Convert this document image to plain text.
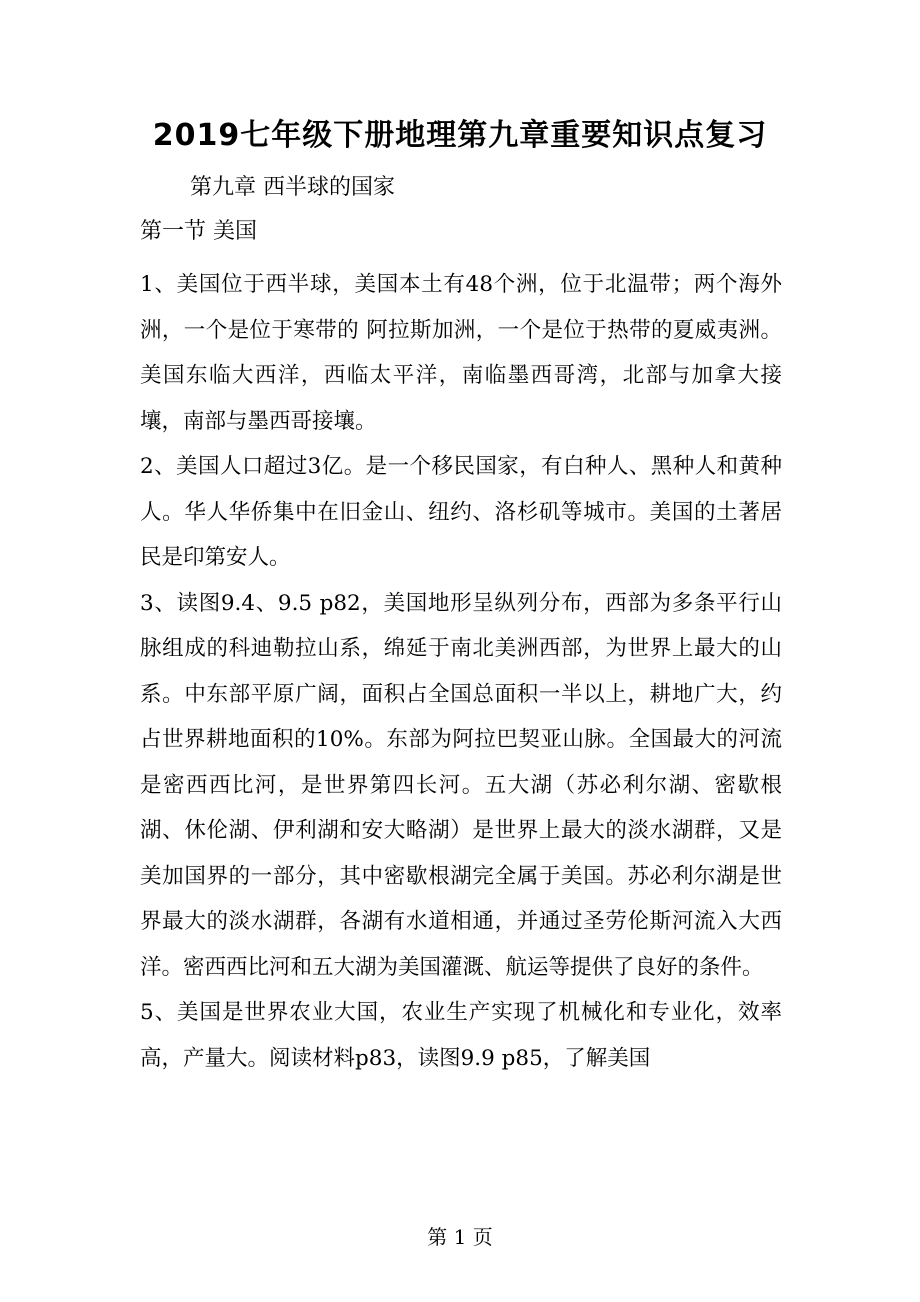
2019七年级下册地理第九章重要知识点复习

第九章 西半球的国家

第一节 美国

1、美国位于西半球，美国本土有48个洲，位于北温带；两个海外洲，一个是位于寒带的 阿拉斯加洲，一个是位于热带的夏威夷洲。美国东临大西洋，西临太平洋，南临墨西哥湾，北部与加拿大接壤，南部与墨西哥接壤。

2、美国人口超过3亿。是一个移民国家，有白种人、黑种人和黄种人。华人华侨集中在旧金山、纽约、洛杉矶等城市。美国的土著居民是印第安人。

3、读图9.4、9.5 p82，美国地形呈纵列分布，西部为多条平行山脉组成的科迪勒拉山系，绵延于南北美洲西部，为世界上最大的山系。中东部平原广阔，面积占全国总面积一半以上，耕地广大，约占世界耕地面积的10%。东部为阿拉巴契亚山脉。全国最大的河流是密西西比河，是世界第四长河。五大湖（苏必利尔湖、密歇根湖、休伦湖、伊利湖和安大略湖）是世界上最大的淡水湖群，又是美加国界的一部分，其中密歇根湖完全属于美国。苏必利尔湖是世界最大的淡水湖群，各湖有水道相通，并通过圣劳伦斯河流入大西洋。密西西比河和五大湖为美国灌溉、航运等提供了良好的条件。

5、美国是世界农业大国，农业生产实现了机械化和专业化，效率高，产量大。阅读材料p83，读图9.9 p85，了解美国

第 1 页
